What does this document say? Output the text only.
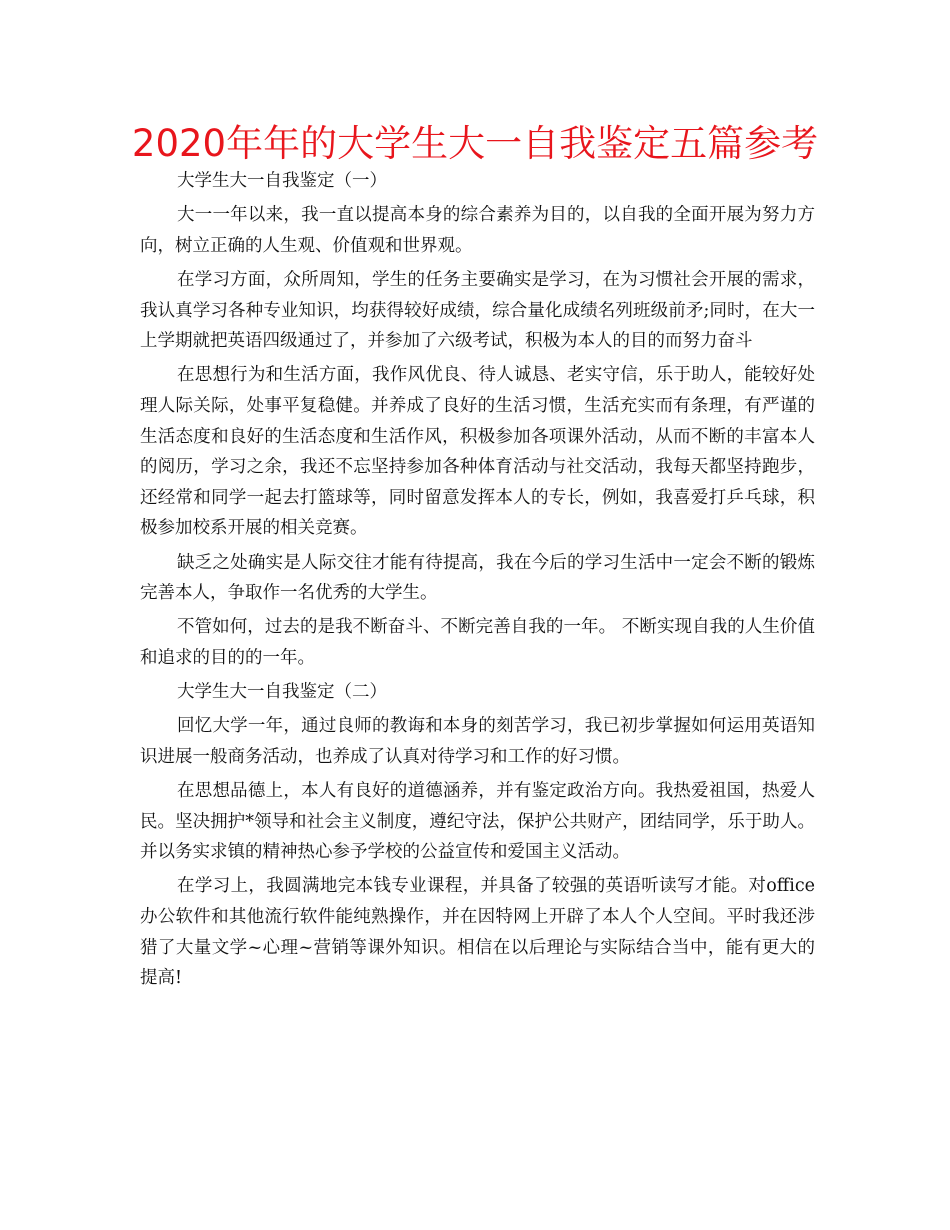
2020年年的大学生大一自我鉴定五篇参考

大学生大一自我鉴定（一）

大一一年以来，我一直以提高本身的综合素养为目的，以自我的全面开展为努力方向，树立正确的人生观、价值观和世界观。

在学习方面，众所周知，学生的任务主要确实是学习，在为习惯社会开展的需求，我认真学习各种专业知识，均获得较好成绩，综合量化成绩名列班级前矛;同时，在大一上学期就把英语四级通过了，并参加了六级考试，积极为本人的目的而努力奋斗

在思想行为和生活方面，我作风优良、待人诚恳、老实守信，乐于助人，能较好处理人际关际，处事平复稳健。并养成了良好的生活习惯，生活充实而有条理，有严谨的生活态度和良好的生活态度和生活作风，积极参加各项课外活动，从而不断的丰富本人的阅历，学习之余，我还不忘坚持参加各种体育活动与社交活动，我每天都坚持跑步，还经常和同学一起去打篮球等，同时留意发挥本人的专长，例如，我喜爱打乒乓球，积极参加校系开展的相关竞赛。

缺乏之处确实是人际交往才能有待提高，我在今后的学习生活中一定会不断的锻炼完善本人，争取作一名优秀的大学生。

不管如何，过去的是我不断奋斗、不断完善自我的一年。 不断实现自我的人生价值和追求的目的的一年。

大学生大一自我鉴定（二）

回忆大学一年，通过良师的教诲和本身的刻苦学习，我已初步掌握如何运用英语知识进展一般商务活动，也养成了认真对待学习和工作的好习惯。

在思想品德上，本人有良好的道德涵养，并有鉴定政治方向。我热爱祖国，热爱人民。坚决拥护*领导和社会主义制度，遵纪守法，保护公共财产，团结同学，乐于助人。并以务实求镇的精神热心参予学校的公益宣传和爱国主义活动。

在学习上，我圆满地完本钱专业课程，并具备了较强的英语听读写才能。对office办公软件和其他流行软件能纯熟操作，并在因特网上开辟了本人个人空间。平时我还涉猎了大量文学~心理~营销等课外知识。相信在以后理论与实际结合当中，能有更大的提高!
